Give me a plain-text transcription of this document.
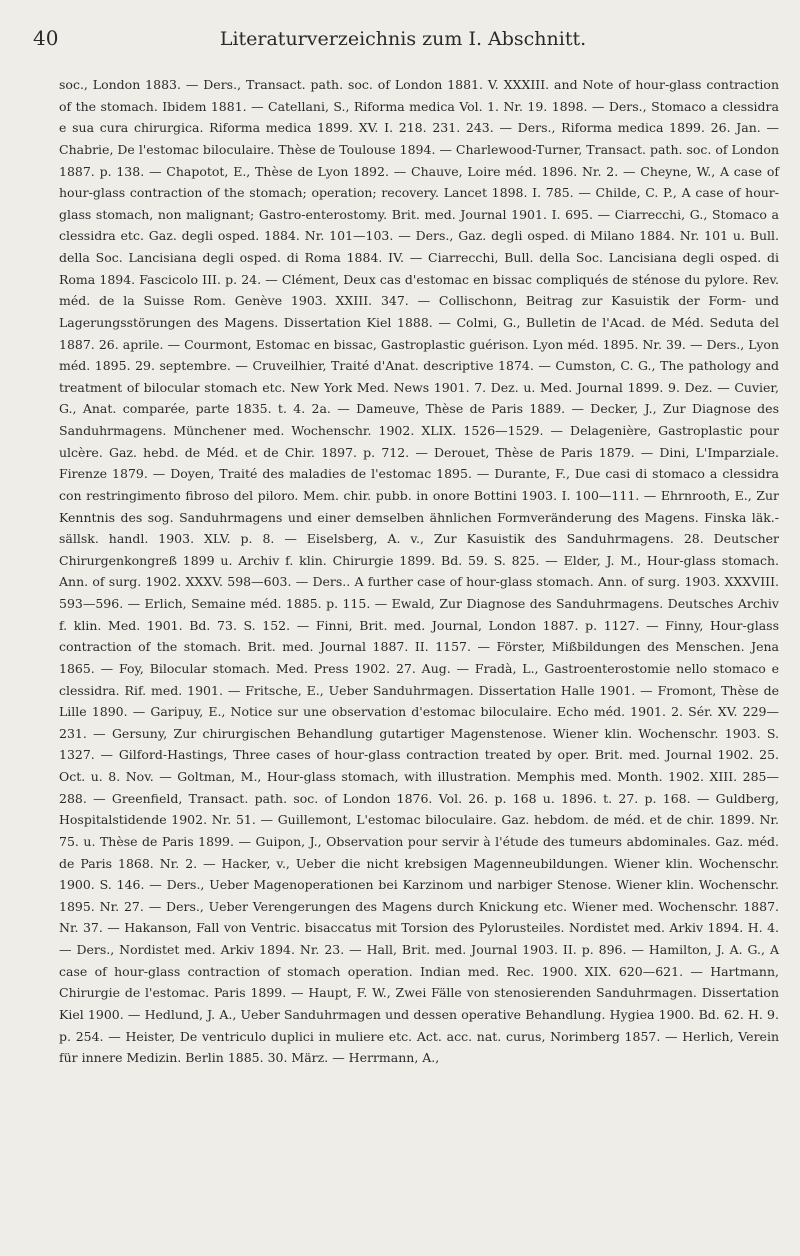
40	Literaturverzeichnis zum I. Abschnitt.

soc., London 1883. — Ders., Transact. path. soc. of London 1881. V. XXXIII. and Note of hour-glass contraction of the stomach. Ibidem 1881. — Catellani, S., Riforma medica Vol. 1. Nr. 19. 1898. — Ders., Stomaco a clessidra e sua cura chirurgica. Riforma medica 1899. XV. I. 218. 231. 243. — Ders., Riforma medica 1899. 26. Jan. — Chabrie, De l'estomac biloculaire. Thèse de Toulouse 1894. — Charlewood-Turner, Transact. path. soc. of London 1887. p. 138. — Chapotot, E., Thèse de Lyon 1892. — Chauve, Loire méd. 1896. Nr. 2. — Cheyne, W., A case of hour-glass contraction of the stomach; operation; recovery. Lancet 1898. I. 785. — Childe, C. P., A case of hour-glass stomach, non malignant; Gastro-enterostomy. Brit. med. Journal 1901. I. 695. — Ciarrecchi, G., Stomaco a clessidra etc. Gaz. degli osped. 1884. Nr. 101—103. — Ders., Gaz. degli osped. di Milano 1884. Nr. 101 u. Bull. della Soc. Lancisiana degli osped. di Roma 1884. IV. — Ciarrecchi, Bull. della Soc. Lancisiana degli osped. di Roma 1894. Fascicolo III. p. 24. — Clément, Deux cas d'estomac en bissac compliqués de sténose du pylore. Rev. méd. de la Suisse Rom. Genève 1903. XXIII. 347. — Collischonn, Beitrag zur Kasuistik der Form- und Lagerungsstörungen des Magens. Dissertation Kiel 1888. — Colmi, G., Bulletin de l'Acad. de Méd. Seduta del 1887. 26. aprile. — Courmont, Estomac en bissac, Gastroplastic guérison. Lyon méd. 1895. Nr. 39. — Ders., Lyon méd. 1895. 29. septembre. — Cruveilhier, Traité d'Anat. descriptive 1874. — Cumston, C. G., The pathology and treatment of bilocular stomach etc. New York Med. News 1901. 7. Dez. u. Med. Journal 1899. 9. Dez. — Cuvier, G., Anat. comparée, parte 1835. t. 4. 2a. — Dameuve, Thèse de Paris 1889. — Decker, J., Zur Diagnose des Sanduhrmagens. Münchener med. Wochenschr. 1902. XLIX. 1526—1529. — Delagenière, Gastroplastic pour ulcère. Gaz. hebd. de Méd. et de Chir. 1897. p. 712. — Derouet, Thèse de Paris 1879. — Dini, L'Imparziale. Firenze 1879. — Doyen, Traité des maladies de l'estomac 1895. — Durante, F., Due casi di stomaco a clessidra con restringimento fibroso del piloro. Mem. chir. pubb. in onore Bottini 1903. I. 100—111. — Ehrnrooth, E., Zur Kenntnis des sog. Sanduhrmagens und einer demselben ähnlichen Formveränderung des Magens. Finska läk.-sällsk. handl. 1903. XLV. p. 8. — Eiselsberg, A. v., Zur Kasuistik des Sanduhrmagens. 28. Deutscher Chirurgenkongreß 1899 u. Archiv f. klin. Chirurgie 1899. Bd. 59. S. 825. — Elder, J. M., Hour-glass stomach. Ann. of surg. 1902. XXXV. 598—603. — Ders.. A further case of hour-glass stomach. Ann. of surg. 1903. XXXVIII. 593—596. — Erlich, Semaine méd. 1885. p. 115. — Ewald, Zur Diagnose des Sanduhrmagens. Deutsches Archiv f. klin. Med. 1901. Bd. 73. S. 152. — Finni, Brit. med. Journal, London 1887. p. 1127. — Finny, Hour-glass contraction of the stomach. Brit. med. Journal 1887. II. 1157. — Förster, Mißbildungen des Menschen. Jena 1865. — Foy, Bilocular stomach. Med. Press 1902. 27. Aug. — Fradà, L., Gastroenterostomie nello stomaco e clessidra. Rif. med. 1901. — Fritsche, E., Ueber Sanduhrmagen. Dissertation Halle 1901. — Fromont, Thèse de Lille 1890. — Garipuy, E., Notice sur une observation d'estomac biloculaire. Echo méd. 1901. 2. Sér. XV. 229—231. — Gersuny, Zur chirurgischen Behandlung gutartiger Magenstenose. Wiener klin. Wochenschr. 1903. S. 1327. — Gilford-Hastings, Three cases of hour-glass contraction treated by oper. Brit. med. Journal 1902. 25. Oct. u. 8. Nov. — Goltman, M., Hour-glass stomach, with illustration. Memphis med. Month. 1902. XIII. 285—288. — Greenfield, Transact. path. soc. of London 1876. Vol. 26. p. 168 u. 1896. t. 27. p. 168. — Guldberg, Hospitalstidende 1902. Nr. 51. — Guillemont, L'estomac biloculaire. Gaz. hebdom. de méd. et de chir. 1899. Nr. 75. u. Thèse de Paris 1899. — Guipon, J., Observation pour servir à l'étude des tumeurs abdominales. Gaz. méd. de Paris 1868. Nr. 2. — Hacker, v., Ueber die nicht krebsigen Magenneubildungen. Wiener klin. Wochenschr. 1900. S. 146. — Ders., Ueber Magenoperationen bei Karzinom und narbiger Stenose. Wiener klin. Wochenschr. 1895. Nr. 27. — Ders., Ueber Verengerungen des Magens durch Knickung etc. Wiener med. Wochenschr. 1887. Nr. 37. — Hakanson, Fall von Ventric. bisaccatus mit Torsion des Pylorusteiles. Nordistet med. Arkiv 1894. H. 4. — Ders., Nordistet med. Arkiv 1894. Nr. 23. — Hall, Brit. med. Journal 1903. II. p. 896. — Hamilton, J. A. G., A case of hour-glass contraction of stomach operation. Indian med. Rec. 1900. XIX. 620—621. — Hartmann, Chirurgie de l'estomac. Paris 1899. — Haupt, F. W., Zwei Fälle von stenosierenden Sanduhrmagen. Dissertation Kiel 1900. — Hedlund, J. A., Ueber Sanduhrmagen und dessen operative Behandlung. Hygiea 1900. Bd. 62. H. 9. p. 254. — Heister, De ventriculo duplici in muliere etc. Act. acc. nat. curus, Norimberg 1857. — Herlich, Verein für innere Medizin. Berlin 1885. 30. März. — Herrmann, A.,
